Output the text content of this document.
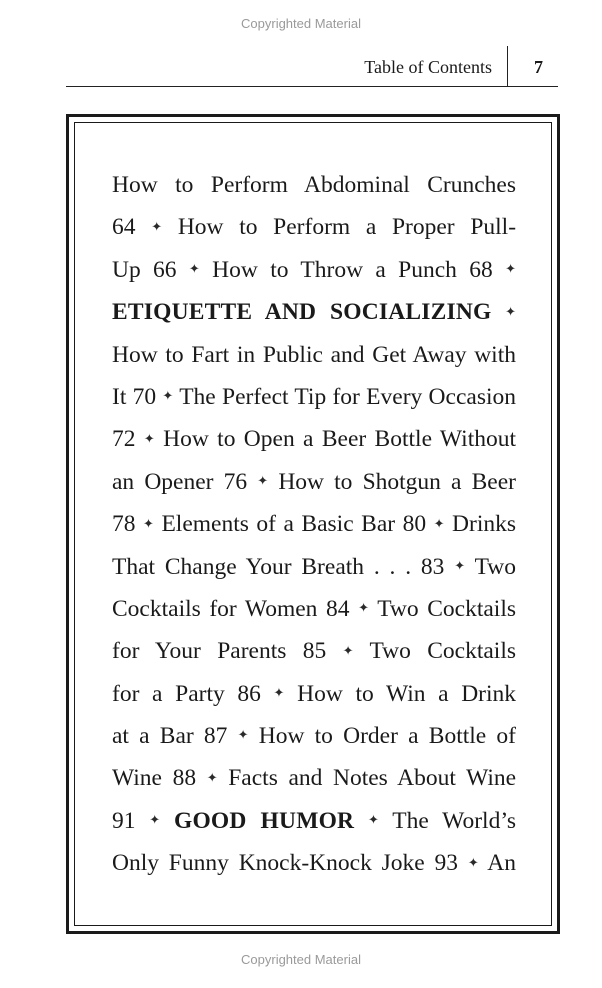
Copyrighted Material
Table of Contents 7
How to Perform Abdominal Crunches
64 ✦ How to Perform a Proper Pull-
Up 66 ✦ How to Throw a Punch 68 ✦
ETIQUETTE AND SOCIALIZING ✦
How to Fart in Public and Get Away with
It 70 ✦ The Perfect Tip for Every Occasion
72 ✦ How to Open a Beer Bottle Without
an Opener 76 ✦ How to Shotgun a Beer
78 ✦ Elements of a Basic Bar 80 ✦ Drinks
That Change Your Breath . . . 83 ✦ Two
Cocktails for Women 84 ✦ Two Cocktails
for Your Parents 85 ✦ Two Cocktails
for a Party 86 ✦ How to Win a Drink
at a Bar 87 ✦ How to Order a Bottle of
Wine 88 ✦ Facts and Notes About Wine
91 ✦ GOOD HUMOR ✦ The World’s
Only Funny Knock-Knock Joke 93 ✦ An
Copyrighted Material
